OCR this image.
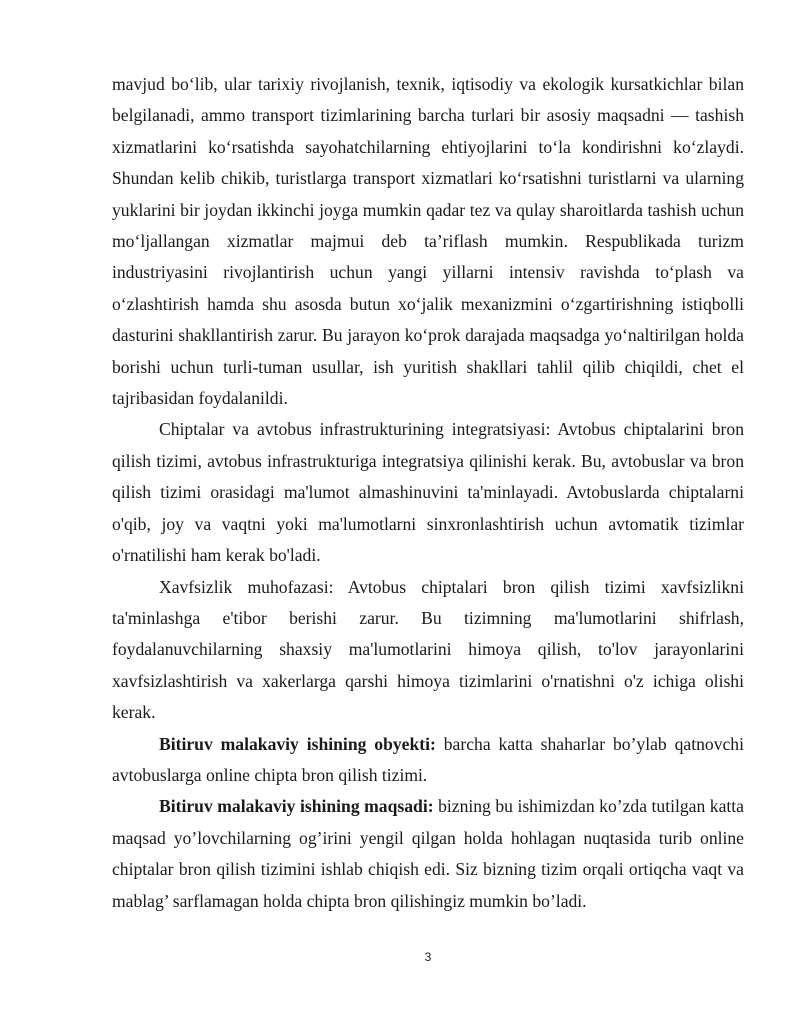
mavjud bo‘lib, ular tarixiy rivojlanish, texnik, iqtisodiy va ekologik kursatkichlar bilan belgilanadi, ammo transport tizimlarining barcha turlari bir asosiy maqsadni — tashish xizmatlarini ko‘rsatishda sayohatchilarning ehtiyojlarini to‘la kondirishni ko‘zlaydi. Shundan kelib chikib, turistlarga transport xizmatlari ko‘rsatishni turistlarni va ularning yuklarini bir joydan ikkinchi joyga mumkin qadar tez va qulay sharoitlarda tashish uchun mo‘ljallangan xizmatlar majmui deb ta’riflash mumkin. Respublikada turizm industriyasini rivojlantirish uchun yangi yillarni intensiv ravishda to‘plash va o‘zlashtirish hamda shu asosda butun xo‘jalik mexanizmini o‘zgartirishning istiqbolli dasturini shakllantirish zarur. Bu jarayon ko‘prok darajada maqsadga yo‘naltirilgan holda borishi uchun turli-tuman usullar, ish yuritish shakllari tahlil qilib chiqildi, chet el tajribasidan foydalanildi.

Chiptalar va avtobus infrastrukturining integratsiyasi: Avtobus chiptalarini bron qilish tizimi, avtobus infrastrukturiga integratsiya qilinishi kerak. Bu, avtobuslar va bron qilish tizimi orasidagi ma'lumot almashinuvini ta'minlayadi. Avtobuslarda chiptalarni o'qib, joy va vaqtni yoki ma'lumotlarni sinxronlashtirish uchun avtomatik tizimlar o'rnatilishi ham kerak bo'ladi.

Xavfsizlik muhofazasi: Avtobus chiptalari bron qilish tizimi xavfsizlikni ta'minlashga e'tibor berishi zarur. Bu tizimning ma'lumotlarini shifrlash, foydalanuvchilarning shaxsiy ma'lumotlarini himoya qilish, to'lov jarayonlarini xavfsizlashtirish va xakerlarga qarshi himoya tizimlarini o'rnatishni o'z ichiga olishi kerak.

Bitiruv malakaviy ishining obyekti: barcha katta shaharlar bo’ylab qatnovchi avtobuslarga online chipta bron qilish tizimi.

Bitiruv malakaviy ishining maqsadi: bizning bu ishimizdan ko’zda tutilgan katta maqsad yo’lovchilarning og’irini yengil qilgan holda hohlagan nuqtasida turib online chiptalar bron qilish tizimini ishlab chiqish edi. Siz bizning tizim orqali ortiqcha vaqt va mablag’ sarflamagan holda chipta bron qilishingiz mumkin bo’ladi.

3
